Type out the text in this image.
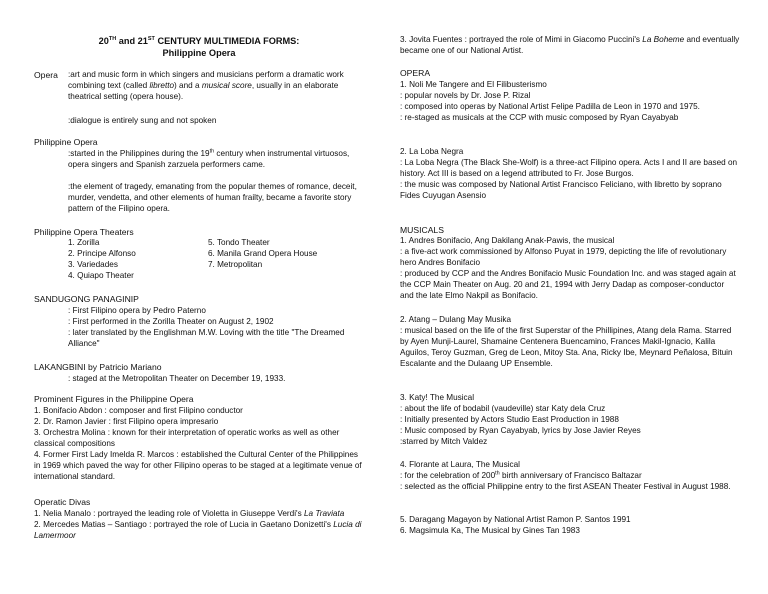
20TH and 21ST CENTURY MULTIMEDIA FORMS:
Philippine Opera
Opera	:art and music form in which singers and musicians perform a dramatic work combining text (called libretto) and a musical score, usually in an elaborate theatrical setting (opera house).
:dialogue is entirely sung and not spoken
Philippine Opera
:started in the Philippines during the 19th century when instrumental virtuosos, opera singers and Spanish zarzuela performers came.
:the element of tragedy, emanating from the popular themes of romance, deceit, murder, vendetta, and other elements of human frailty, became a favorite story pattern of the Filipino opera.
Philippine Opera Theaters
1. Zorilla
2. Principe Alfonso
3. Variedades
4. Quiapo Theater
5. Tondo Theater
6. Manila Grand Opera House
7. Metropolitan
SANDUGONG PANAGINIP
: First Filipino opera by Pedro Paterno
: First performed in the Zorilla Theater on August 2, 1902
: later translated by the Englishman M.W. Loving with the title "The Dreamed Alliance"
LAKANGBINI by Patricio Mariano
: staged at the Metropolitan Theater on December 19, 1933.
Prominent Figures in the Philippine Opera
1. Bonifacio Abdon : composer and first Filipino conductor
2. Dr. Ramon Javier : first Filipino opera impresario
3. Orchestra Molina : known for their interpretation of operatic works as well as other classical compositions
4. Former First Lady Imelda R. Marcos : established the Cultural Center of the Philippines in 1969 which paved the way for other Filipino operas to be staged at a legitimate venue of international standard.
Operatic Divas
1. Nelia Manalo : portrayed the leading role of Violetta in Giuseppe Verdi's La Traviata
2. Mercedes Matias – Santiago : portrayed the role of Lucia in Gaetano Donizetti's Lucia di Lamermoor
3. Jovita Fuentes : portrayed the role of Mimi in Giacomo Puccini's La Boheme and eventually became one of our National Artist.
OPERA
1. Noli Me Tangere and El Filibusterismo
: popular novels by Dr. Jose P. Rizal
: composed into operas by National Artist Felipe Padilla de Leon in 1970 and 1975.
: re-staged as musicals at the CCP with music composed by Ryan Cayabyab
2. La Loba Negra
: La Loba Negra (The Black She-Wolf) is a three-act Filipino opera. Acts I and II are based on history. Act III is based on a legend attributed to Fr. Jose Burgos.
: the music was composed by National Artist Francisco Feliciano, with libretto by soprano Fides Cuyugan Asensio
MUSICALS
1. Andres Bonifacio, Ang Dakilang Anak-Pawis, the musical
: a five-act work commissioned by Alfonso Puyat in 1979, depicting the life of revolutionary hero Andres Bonifacio
: produced by CCP and the Andres Bonifacio Music Foundation Inc. and was staged again at the CCP Main Theater on Aug. 20 and 21, 1994 with Jerry Dadap as composer-conductor and the late Elmo Nakpil as Bonifacio.
2. Atang – Dulang May Musika
: musical based on the life of the first Superstar of the Phillipines, Atang dela Rama. Starred by Ayen Munji-Laurel, Shamaine Centenera Buencamino, Frances Makil-Ignacio, Kalila Aguilos, Teroy Guzman, Greg de Leon, Mitoy Sta. Ana, Ricky Ibe, Meynard Peñalosa, Bituin Escalante and the Dulaang UP Ensemble.
3. Katy! The Musical
: about the life of bodabil (vaudeville) star Katy dela Cruz
: Initially presented by Actors Studio East Production in 1988
: Music composed by Ryan Cayabyab, lyrics by Jose Javier Reyes
:starred by Mitch Valdez
4. Florante at Laura, The Musical
: for the celebration of 200th birth anniversary of Francisco Baltazar
: selected as the official Philippine entry to the first ASEAN Theater Festival in August 1988.
5. Daragang Magayon by National Artist Ramon P. Santos 1991
6. Magsimula Ka, The Musical by Gines Tan 1983
